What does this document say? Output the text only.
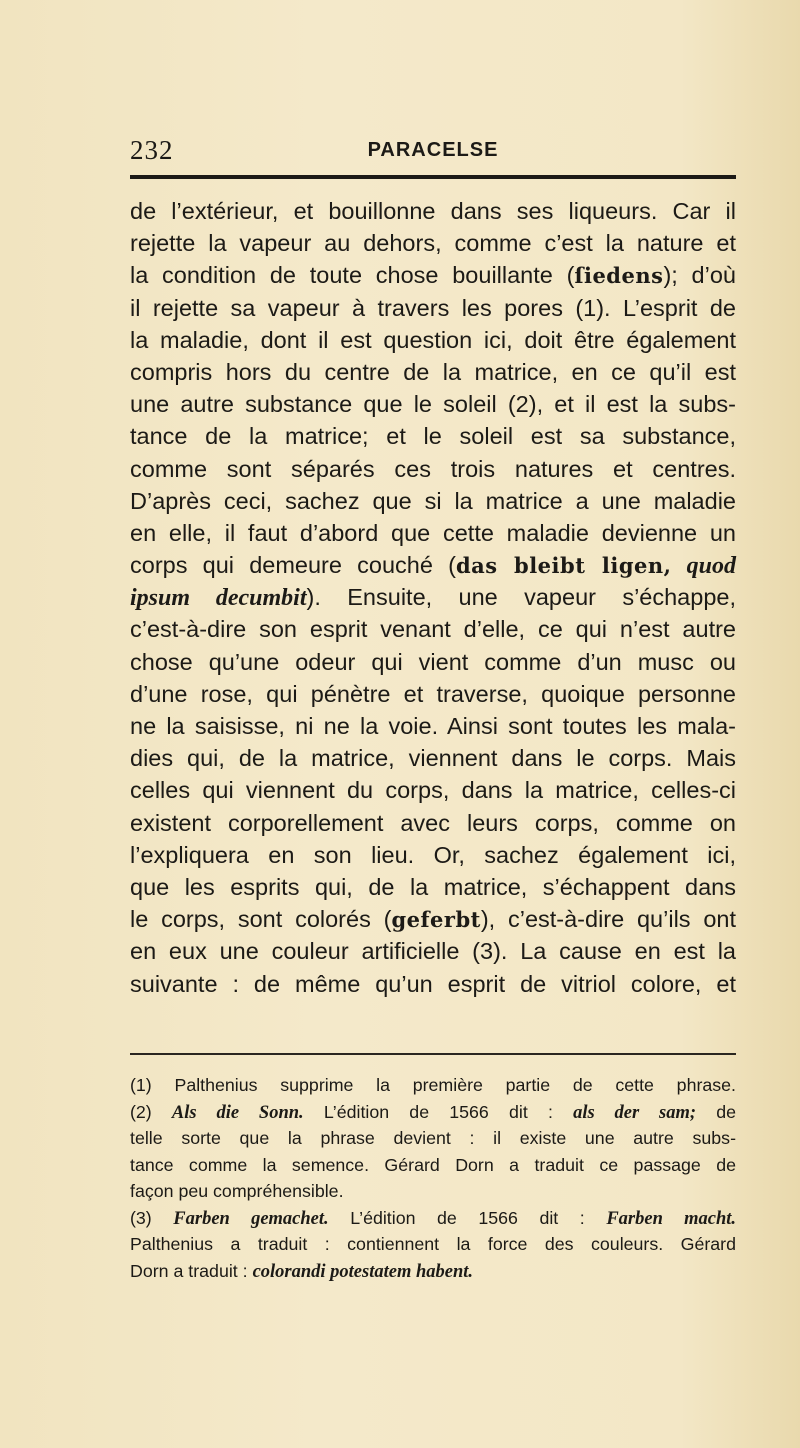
232	PARACELSE
de l’extérieur, et bouillonne dans ses liqueurs. Car il
rejette la vapeur au dehors, comme c’est la nature et
la condition de toute chose bouillante (ſiedens); d’où
il rejette sa vapeur à travers les pores (1). L’esprit de
la maladie, dont il est question ici, doit être également
compris hors du centre de la matrice, en ce qu’il est
une autre substance que le soleil (2), et il est la subs-
tance de la matrice; et le soleil est sa substance,
comme sont séparés ces trois natures et centres.
D’après ceci, sachez que si la matrice a une maladie
en elle, il faut d’abord que cette maladie devienne un
corps qui demeure couché (das bleibt ligen, quod
ipsum decumbit). Ensuite, une vapeur s’échappe,
c’est-à-dire son esprit venant d’elle, ce qui n’est autre
chose qu’une odeur qui vient comme d’un musc ou
d’une rose, qui pénètre et traverse, quoique personne
ne la saisisse, ni ne la voie. Ainsi sont toutes les mala-
dies qui, de la matrice, viennent dans le corps. Mais
celles qui viennent du corps, dans la matrice, celles-ci
existent corporellement avec leurs corps, comme on
l’expliquera en son lieu. Or, sachez également ici,
que les esprits qui, de la matrice, s’échappent dans
le corps, sont colorés (geferbt), c’est-à-dire qu’ils ont
en eux une couleur artificielle (3). La cause en est la
suivante : de même qu’un esprit de vitriol colore, et
(1) Palthenius supprime la première partie de cette phrase.
(2) Als die Sonn. L’édition de 1566 dit : als der sam; de
telle sorte que la phrase devient : il existe une autre subs-
tance comme la semence. Gérard Dorn a traduit ce passage de
façon peu compréhensible.
(3) Farben gemachet. L’édition de 1566 dit : Farben macht.
Palthenius a traduit : contiennent la force des couleurs. Gérard
Dorn a traduit : colorandi potestatem habent.
